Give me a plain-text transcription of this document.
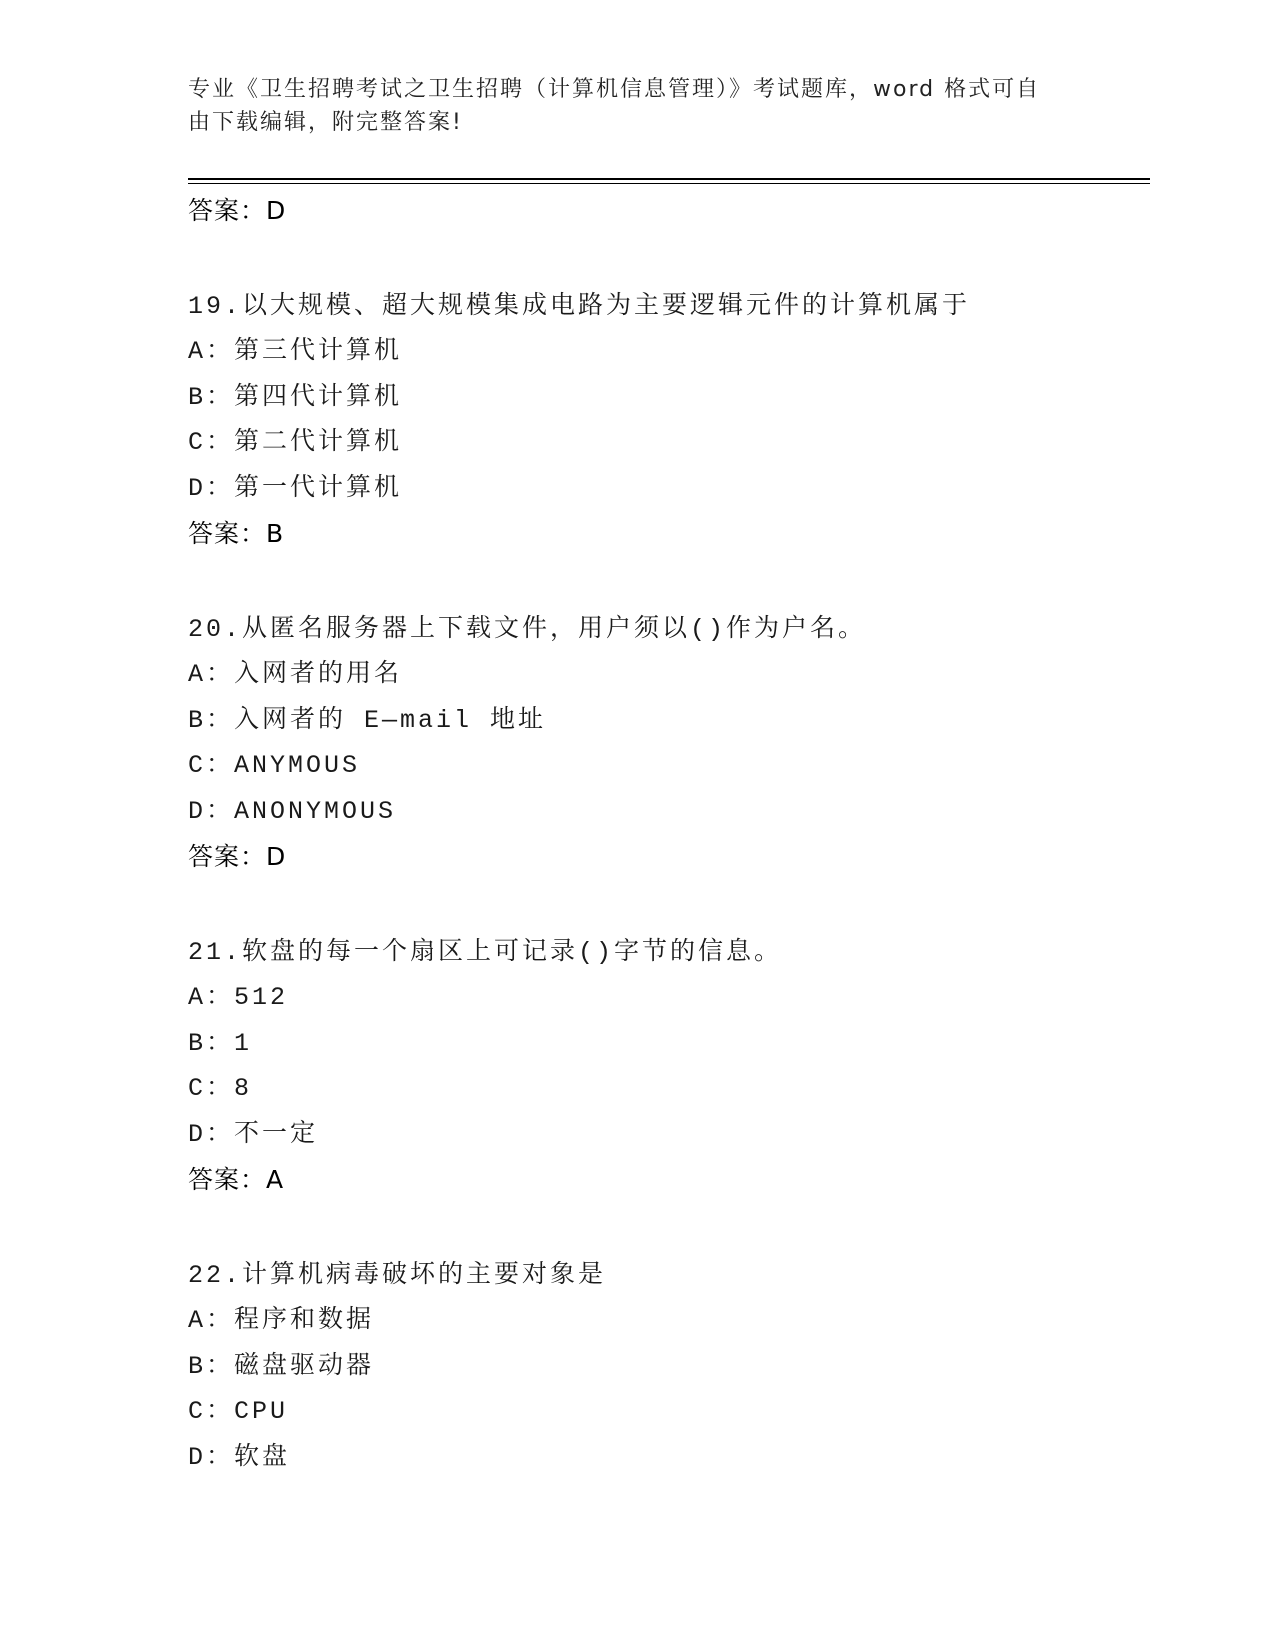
专业《卫生招聘考试之卫生招聘（计算机信息管理）》考试题库，word 格式可自
由下载编辑，附完整答案!
答案：D
19.以大规模、超大规模集成电路为主要逻辑元件的计算机属于
A：第三代计算机
B：第四代计算机
C：第二代计算机
D：第一代计算机
答案：B
20.从匿名服务器上下载文件，用户须以()作为户名。
A：入网者的用名
B：入网者的 E—mail 地址
C：ANYMOUS
D：ANONYMOUS
答案：D
21.软盘的每一个扇区上可记录()字节的信息。
A：512
B：1
C：8
D：不一定
答案：A
22.计算机病毒破坏的主要对象是
A：程序和数据
B：磁盘驱动器
C：CPU
D：软盘
